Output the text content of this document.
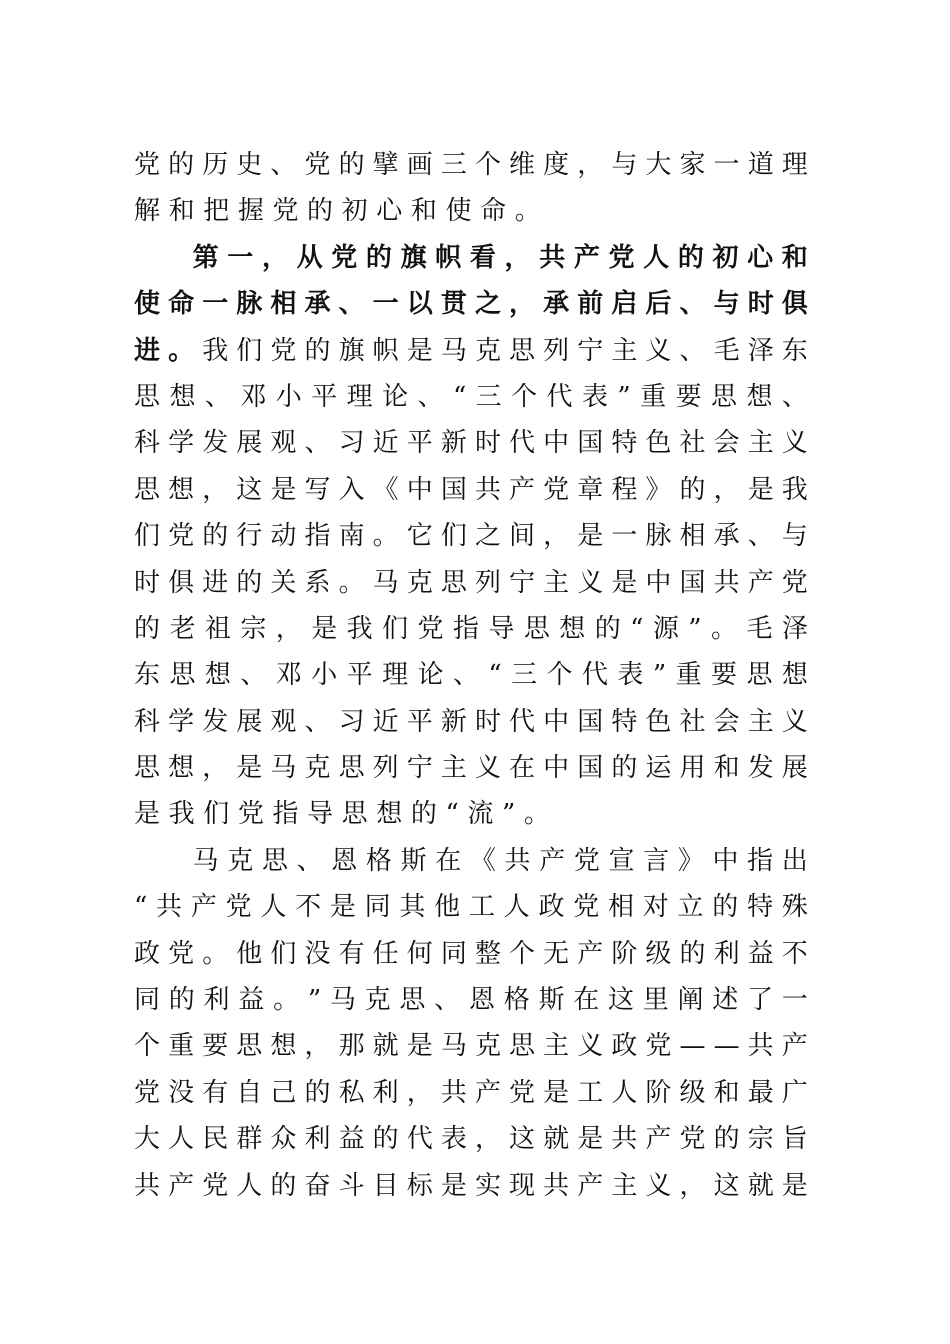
党 的 历 史 、 党 的 擘 画 三 个 维 度 ， 与 大 家 一 道 理
解 和 把 握 党 的 初 心 和 使 命 。
第 一 ， 从 党 的 旗 帜 看 ， 共 产 党 人 的 初 心 和
使 命 一 脉 相 承 、 一 以 贯 之 ， 承 前 启 后 、 与 时 俱
进 。 我 们 党 的 旗 帜 是 马 克 思 列 宁 主 义 、 毛 泽 东
思 想 、 邓 小 平 理 论 、 “ 三 个 代 表 ” 重 要 思 想 、
科 学 发 展 观 、 习 近 平 新 时 代 中 国 特 色 社 会 主 义
思 想 ， 这 是 写 入 《 中 国 共 产 党 章 程 》 的 ， 是 我
们 党 的 行 动 指 南 。 它 们 之 间 ， 是 一 脉 相 承 、 与
时 俱 进 的 关 系 。 马 克 思 列 宁 主 义 是 中 国 共 产 党
的 老 祖 宗 ， 是 我 们 党 指 导 思 想 的 “ 源 ” 。 毛 泽
东 思 想 、 邓 小 平 理 论 、 “ 三 个 代 表 ” 重 要 思 想
科 学 发 展 观 、 习 近 平 新 时 代 中 国 特 色 社 会 主 义
思 想 ， 是 马 克 思 列 宁 主 义 在 中 国 的 运 用 和 发 展
是 我 们 党 指 导 思 想 的 “ 流 ” 。
马 克 思 、 恩 格 斯 在 《 共 产 党 宣 言 》 中 指 出
“ 共 产 党 人 不 是 同 其 他 工 人 政 党 相 对 立 的 特 殊
政 党 。 他 们 没 有 任 何 同 整 个 无 产 阶 级 的 利 益 不
同 的 利 益 。 ” 马 克 思 、 恩 格 斯 在 这 里 阐 述 了 一
个 重 要 思 想 ， 那 就 是 马 克 思 主 义 政 党 — — 共 产
党 没 有 自 己 的 私 利 ， 共 产 党 是 工 人 阶 级 和 最 广
大 人 民 群 众 利 益 的 代 表 ， 这 就 是 共 产 党 的 宗 旨
共 产 党 人 的 奋 斗 目 标 是 实 现 共 产 主 义 ， 这 就 是
